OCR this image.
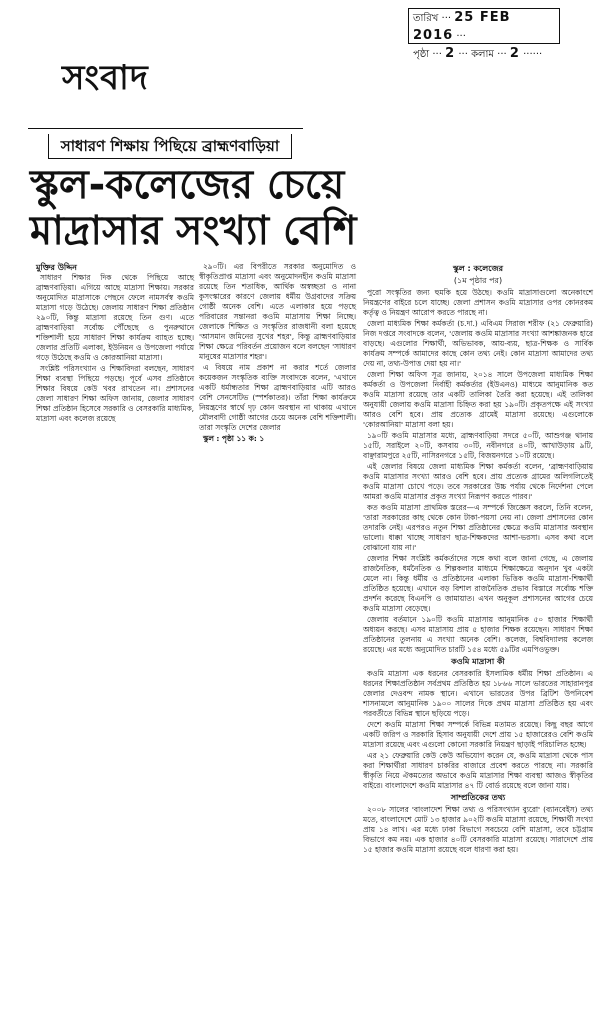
সংবাদ
তারিখ ··· 25 FEB 2016 ···
পৃষ্ঠা ··· 2 ··· কলাম ··· 2 ······
সাধারণ শিক্ষায় পিছিয়ে ব্রাহ্মণবাড়িয়া
স্কুল-কলেজের চেয়ে
মাদ্রাসার সংখ্যা বেশি
মুক্তির উদ্দিন

সাধারণ শিক্ষার দিক থেকে পিছিয়ে আছে ব্রাহ্মণবাড়িয়া। এগিয়ে আছে মাদ্রাসা শিক্ষায়। সরকার অনুমোদিত মাদ্রাসাকে পেছনে ফেলে নামসর্বস্ব কওমি মাদ্রাসা গড়ে উঠেছে। জেলায় সাধারণ শিক্ষা প্রতিষ্ঠান ২৯০টি, কিন্তু মাদ্রাসা রয়েছে তিন গুণ। এতে ব্রাহ্মণবাড়িয়া সর্বোচ্চ পৌঁছেছে ও পুনরুত্থানে শক্তিশালী হয়ে সাধারণ শিক্ষা কার্যক্রম ব্যাহত হচ্ছে। জেলার প্রতিটি এলাকা, ইউনিয়ন ও উপজেলা পর্যায়ে গড়ে উঠেছে কওমি ও কোরআনিয়া মাদ্রাসা।

সংশ্লিষ্ট পরিসংখ্যান ও শিক্ষাবিদরা বলছেন, সাধারণ শিক্ষা ব্যবস্থা পিছিয়ে পড়ছে। পূর্বে এসব প্রতিষ্ঠানে শিক্ষার বিষয়ে কেউ খবর রাখতেন না। প্রশাসনের জেলা সাধারণ শিক্ষা অফিস জানায়, জেলার সাধারণ শিক্ষা প্রতিষ্ঠান হিসেবে সরকারি ও বেসরকারি মাধ্যমিক, মাদ্রাসা এবং কলেজ রয়েছে

২৯০টি। এর বিপরীতে সরকার অনুমোদিত ও স্বীকৃতিপ্রাপ্ত মাদ্রাসা এবং অনুমোদনহীন কওমি মাদ্রাসা রয়েছে তিন শতাধিক, আর্থিক অস্বচ্ছতা ও নানা কুসংস্কারের কারণে জেলায় ধর্মীয় উগ্রবাদের সক্রিয় গোষ্ঠী অনেক বেশি। এতে এলাকার হয়ে পড়ছে পরিবারের সন্তানরা কওমি মাদ্রাসায় শিক্ষা নিচ্ছে। জেলাকে শিক্ষিত ও সংস্কৃতির রাজধানী বলা হয়েছে 'আসমান জমিনের সুখের শহর', কিন্তু ব্রাহ্মণবাড়িয়ার শিক্ষা ক্ষেত্রে পরিবর্তন প্রয়োজন বলে বলছেন 'সাধারণ মানুষের মাদ্রাসার শহর'।

এ বিষয়ে নাম প্রকাশ না করার শর্তে জেলার কয়েকজন সংস্কৃতিক ব্যক্তি সংবাদকে বলেন, 'এখানে একটি ধর্মান্ধতার শিক্ষা ব্রাহ্মণবাড়িয়ার এটি আরও বেশি সেনসেটিভ (স্পর্শকাতর)। তাঁরা শিক্ষা কার্যক্রমে নিয়ন্ত্রণের স্বার্থে দৃঢ় কোন অবস্থান না থাকায় এখানে মৌলবাদী গোষ্ঠী আগের চেয়ে অনেক বেশি শক্তিশালী। তারা সংস্কৃতি দেশের জেলার

স্কুল : পৃষ্ঠা ১১ ক: ১

স্কুল : কলেজের
(১ম পৃষ্ঠার পর)

পুরো সংস্কৃতির জন্য হুমকি হয়ে উঠছে। কওমি মাদ্রাসাগুলো অনেকাংশে নিয়ন্ত্রণের বাইরে চলে যাচ্ছে। জেলা প্রশাসন কওমি মাদ্রাসার ওপর কোনরকম কর্তৃত্ব ও নিয়ন্ত্রণ আরোপ করতে পারছে না।

জেলা মাধ্যমিক শিক্ষা কর্মকর্তা (চ.দা.) এবিএম সিরাজ শরীফ (২১ ফেব্রুয়ারি) নিজ দপ্তরে সংবাদকে বলেন, 'জেলায় কওমি মাদ্রাসার সংখ্যা আশঙ্কাজনক হারে বাড়ছে। এগুলোর শিক্ষার্থী, অভিভাবক, আয়-ব্যয়, ছাত্র-শিক্ষক ও সার্বিক কার্যক্রম সম্পর্কে আমাদের কাছে কোন তথ্য নেই। কোন মাদ্রাসা আমাদের তথ্য দেয় না, তথ্য-উপাত্ত দেয়া হয় না।'

জেলা শিক্ষা অফিস সূত্র জানায়, ২০১৪ সালে উপজেলা মাধ্যমিক শিক্ষা কর্মকর্তা ও উপজেলা নির্বাহী কর্মকর্তার (ইউএনও) মাধ্যমে আনুমানিক কত কওমি মাদ্রাসা রয়েছে তার একটি তালিকা তৈরি করা হয়েছে। এই তালিকা অনুযায়ী জেলায় কওমি মাদ্রাসা চিহ্নিত করা হয় ১৯০টি। প্রকৃতপক্ষে এই সংখ্যা আরও বেশি হবে। প্রায় প্রত্যেক গ্রামেই মাদ্রাসা রয়েছে। এগুলোকে 'কোরআনিয়া' মাদ্রাসা বলা হয়।

১৯০টি কওমি মাদ্রাসার মধ্যে, ব্রাহ্মণবাড়িয়া সদরে ৫০টি, আশুগঞ্জ থানায় ১৫টি, সরাইলে ২০টি, কসবায় ৩০টি, নবীনগরে ৪০টি, আখাউড়ায় ৯টি, বাঞ্ছারামপুরে ২৫টি, নাসিরনগরে ১৫টি, বিজয়নগরে ১০টি রয়েছে।

এই জেলার বিষয়ে জেলা মাধ্যমিক শিক্ষা কর্মকর্তা বলেন, 'ব্রাহ্মণবাড়িয়ায় কওমি মাদ্রাসার সংখ্যা আরও বেশি হবে। প্রায় প্রত্যেক গ্রামের অলিগলিতেই কওমি মাদ্রাসা চোখে পড়ে। তবে সরকারের উচ্চ পর্যায় থেকে নির্দেশনা পেলে আমরা কওমি মাদ্রাসার প্রকৃত সংখ্যা নিরূপণ করতে পারব।'

কত কওমি মাদ্রাসা প্রাথমিক স্তরের—এ সম্পর্কে জিজ্ঞেস করলে, তিনি বলেন, 'তারা সরকারের কাছ থেকে কোন টাকা-পয়সা নেয় না। জেলা প্রশাসনের কোন তদারকি নেই। এরপরও নতুন শিক্ষা প্রতিষ্ঠানের ক্ষেত্রে কওমি মাদ্রাসার অবস্থান ভালো। ধাক্কা খাচ্ছে সাধারণ ছাত্র-শিক্ষকদের আশা-ভরসা। এসব কথা বলে বোঝানো যায় না।'

জেলার শিক্ষা সংশ্লিষ্ট কর্মকর্তাদের সঙ্গে কথা বলে জানা গেছে, এ জেলায় রাজনৈতিক, ধর্মনৈতিক ও শিল্পকলার মাধ্যমে শিক্ষাক্ষেত্রে অনুদান খুব একটা মেলে না। কিন্তু ধর্মীয় ও প্রতিষ্ঠানের এলাকা ভিত্তিক কওমি মাদ্রাসা-শিক্ষার্থী প্রতিষ্ঠিত হয়েছে। এখানে বড় বিশাল রাজনৈতিক প্রভাব বিস্তারে সর্বোচ্চ শক্তি প্রদর্শন করেছে বিএনপি ও জামায়াত। এখন অনুকূল প্রশাসনের আগের চেয়ে কওমি মাদ্রাসা বেড়েছে।

জেলায় বর্তমানে ১৯০টি কওমি মাদ্রাসায় আনুমানিক ৫০ হাজার শিক্ষার্থী অধ্যয়ন করছে। এসব মাদ্রাসায় প্রায় ৫ হাজার শিক্ষক রয়েছেন। সাধারণ শিক্ষা প্রতিষ্ঠানের তুলনায় এ সংখ্যা অনেক বেশি। কলেজ, বিশ্ববিদ্যালয় কলেজ রয়েছে। এর মধ্যে অনুমোদিত চারটি ১৫৪ মধ্যে ৫৯টির এমপিওভুক্ত।

কওমি মাদ্রাসা কী

কওমি মাদ্রাসা এক ধরনের বেসরকারি ইসলামিক ধর্মীয় শিক্ষা প্রতিষ্ঠান। এ ধরনের শিক্ষাপ্রতিষ্ঠান সর্বপ্রথম প্রতিষ্ঠিত হয় ১৮৬৬ সালে ভারতের সাহারানপুর জেলার দেওবন্দ নামক স্থানে। এখানে ভারতের উপর ব্রিটিশ উপনিবেশ শাসনামলে আনুমানিক ১৯০০ সালের দিকে প্রথম মাদ্রাসা প্রতিষ্ঠিত হয় এবং পরবর্তীতে বিভিন্ন স্থানে ছড়িয়ে পড়ে।

দেশে কওমি মাদ্রাসা শিক্ষা সম্পর্কে বিভিন্ন মতামত রয়েছে। কিছু বছর আগে একটি জরিপ ও সরকারি হিসাব অনুযায়ী দেশে প্রায় ১৫ হাজারেরও বেশি কওমি মাদ্রাসা রয়েছে এবং এগুলো কোনো সরকারি নিয়ন্ত্রণ ছাড়াই পরিচালিত হচ্ছে।

এর ২১ ফেব্রুয়ারি কেউ কেউ অভিযোগ করেন যে, কওমি মাদ্রাসা থেকে পাস করা শিক্ষার্থীরা সাধারণ চাকরির বাজারে প্রবেশ করতে পারছে না। সরকারি স্বীকৃতি নিয়ে ঐকমত্যের অভাবে কওমি মাদ্রাসার শিক্ষা ব্যবস্থা আজও স্বীকৃতির বাইরে। বাংলাদেশে কওমি মাদ্রাসার ৪৭ টি বোর্ড রয়েছে বলে জানা যায়।

সাম্প্রতিকের তথ্য

২০০৮ সালের 'বাংলাদেশ শিক্ষা তথ্য ও পরিসংখ্যান ব্যুরো' (ব্যানবেইস) তথ্য মতে, বাংলাদেশে মোট ১৩ হাজার ৯০২টি কওমি মাদ্রাসা রয়েছে, শিক্ষার্থী সংখ্যা প্রায় ১৪ লাখ। এর মধ্যে ঢাকা বিভাগে সবচেয়ে বেশি মাদ্রাসা, তবে চট্টগ্রাম বিভাগে কম নয়। এক হাজার ৪০টি বেসরকারি মাদ্রাসা রয়েছে। সারাদেশে প্রায় ১৫ হাজার কওমি মাদ্রাসা রয়েছে বলে ধারণা করা হয়।
